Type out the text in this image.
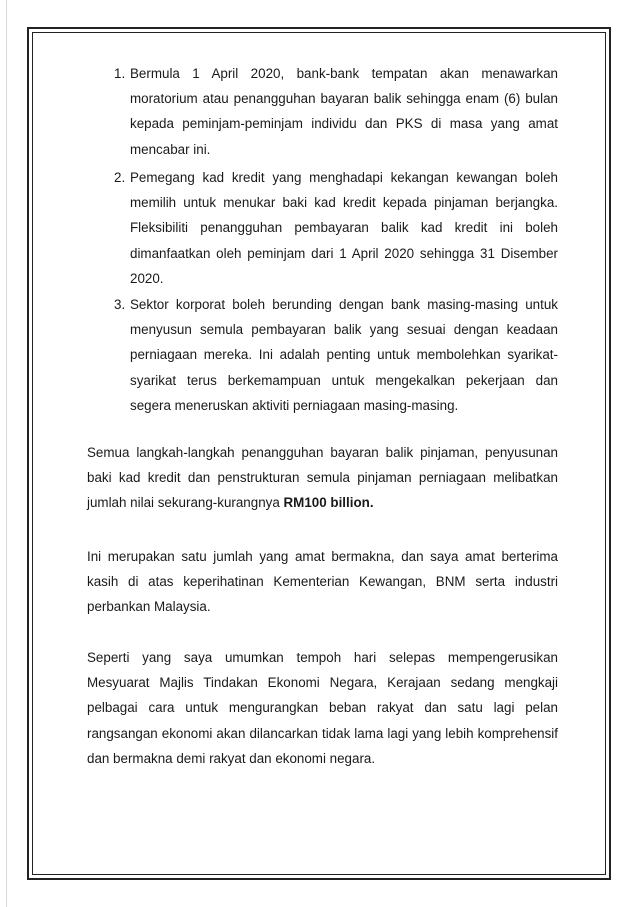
1. Bermula 1 April 2020, bank-bank tempatan akan menawarkan moratorium atau penangguhan bayaran balik sehingga enam (6) bulan kepada peminjam-peminjam individu dan PKS di masa yang amat mencabar ini.
2. Pemegang kad kredit yang menghadapi kekangan kewangan boleh memilih untuk menukar baki kad kredit kepada pinjaman berjangka. Fleksibiliti penangguhan pembayaran balik kad kredit ini boleh dimanfaatkan oleh peminjam dari 1 April 2020 sehingga 31 Disember 2020.
3. Sektor korporat boleh berunding dengan bank masing-masing untuk menyusun semula pembayaran balik yang sesuai dengan keadaan perniagaan mereka. Ini adalah penting untuk membolehkan syarikat-syarikat terus berkemampuan untuk mengekalkan pekerjaan dan segera meneruskan aktiviti perniagaan masing-masing.
Semua langkah-langkah penangguhan bayaran balik pinjaman, penyusunan baki kad kredit dan penstrukturan semula pinjaman perniagaan melibatkan jumlah nilai sekurang-kurangnya RM100 billion.
Ini merupakan satu jumlah yang amat bermakna, dan saya amat berterima kasih di atas keperihatinan Kementerian Kewangan, BNM serta industri perbankan Malaysia.
Seperti yang saya umumkan tempoh hari selepas mempengerusikan Mesyuarat Majlis Tindakan Ekonomi Negara, Kerajaan sedang mengkaji pelbagai cara untuk mengurangkan beban rakyat dan satu lagi pelan rangsangan ekonomi akan dilancarkan tidak lama lagi yang lebih komprehensif dan bermakna demi rakyat dan ekonomi negara.
